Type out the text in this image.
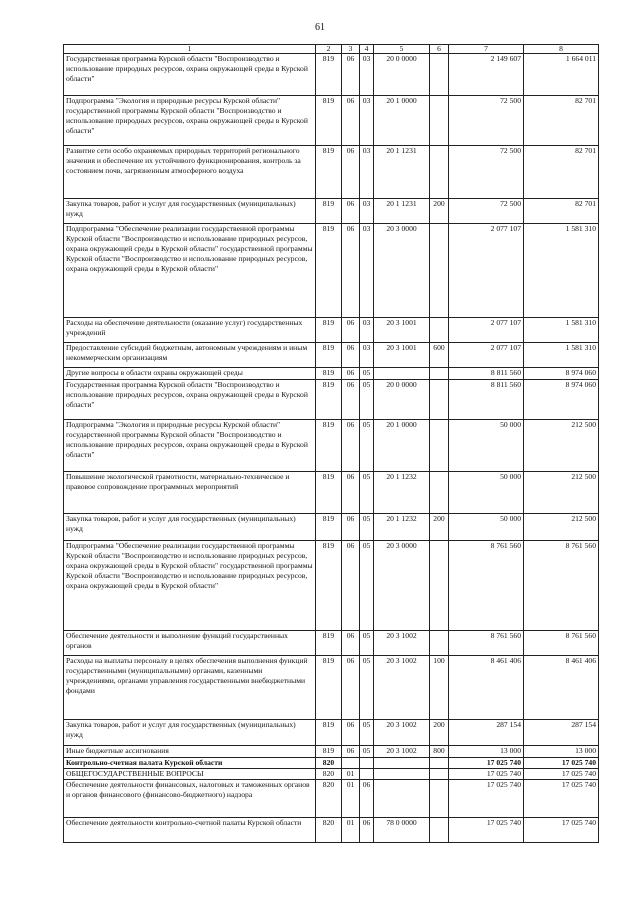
61
1	2	3	4	5	6	7	8
Государственная программа Курской области "Воспроизводство и использование природных ресурсов, охрана окружающей среды в Курской области"	819	06	03	20 0 0000		2 149 607	1 664 011
Подпрограмма "Экология и природные ресурсы Курской области" государственной программы Курской области "Воспроизводство и использование природных ресурсов, охрана окружающей среды в Курской области"	819	06	03	20 1 0000		72 500	82 701
Развитие сети особо охраняемых природных территорий регионального значения и обеспечение их устойчивого функционирования, контроль за состоянием почв, загрязненным атмосферного воздуха	819	06	03	20 1 1231		72 500	82 701
Закупка товаров, работ и услуг для государственных (муниципальных) нужд	819	06	03	20 1 1231	200	72 500	82 701
Подпрограмма "Обеспечение реализации государственной программы Курской области "Воспроизводство и использование природных ресурсов, охрана окружающей среды в Курской области" государственной программы Курской области "Воспроизводство и использование природных ресурсов, охрана окружающей среды в Курской области"	819	06	03	20 3 0000		2 077 107	1 581 310
Расходы на обеспечение деятельности (оказание услуг) государственных учреждений	819	06	03	20 3 1001		2 077 107	1 581 310
Предоставление субсидий бюджетным, автономным учреждениям и иным некоммерческим организациям	819	06	03	20 3 1001	600	2 077 107	1 581 310
Другие вопросы в области охраны окружающей среды	819	06	05			8 811 560	8 974 060
Государственная программа Курской области "Воспроизводство и использование природных ресурсов, охрана окружающей среды в Курской области"	819	06	05	20 0 0000		8 811 560	8 974 060
Подпрограмма "Экология и природные ресурсы Курской области" государственной программы Курской области "Воспроизводство и использование природных ресурсов, охрана окружающей среды в Курской области"	819	06	05	20 1 0000		50 000	212 500
Повышение экологической грамотности, материально-техническое и правовое сопровождение программных мероприятий	819	06	05	20 1 1232		50 000	212 500
Закупка товаров, работ и услуг для государственных (муниципальных) нужд	819	06	05	20 1 1232	200	50 000	212 500
Подпрограмма "Обеспечение реализации государственной программы Курской области "Воспроизводство и использование природных ресурсов, охрана окружающей среды в Курской области" государственной программы Курской области "Воспроизводство и использование природных ресурсов, охрана окружающей среды в Курской области"	819	06	05	20 3 0000		8 761 560	8 761 560
Обеспечение деятельности и выполнение функций государственных органов	819	06	05	20 3 1002		8 761 560	8 761 560
Расходы на выплаты персоналу в целях обеспечения выполнения функций государственными (муниципальными) органами, казенными учреждениями, органами управления государственными внебюджетными фондами	819	06	05	20 3 1002	100	8 461 406	8 461 406
Закупка товаров, работ и услуг для государственных (муниципальных) нужд	819	06	05	20 3 1002	200	287 154	287 154
Иные бюджетные ассигнования	819	06	05	20 3 1002	800	13 000	13 000
Контрольно-счетная палата Курской области	820					17 025 740	17 025 740
ОБЩЕГОСУДАРСТВЕННЫЕ ВОПРОСЫ	820	01				17 025 740	17 025 740
Обеспечение деятельности финансовых, налоговых и таможенных органов и органов финансового (финансово-бюджетного) надзора	820	01	06			17 025 740	17 025 740
Обеспечение деятельности контрольно-счетной палаты Курской области	820	01	06	78 0 0000		17 025 740	17 025 740
